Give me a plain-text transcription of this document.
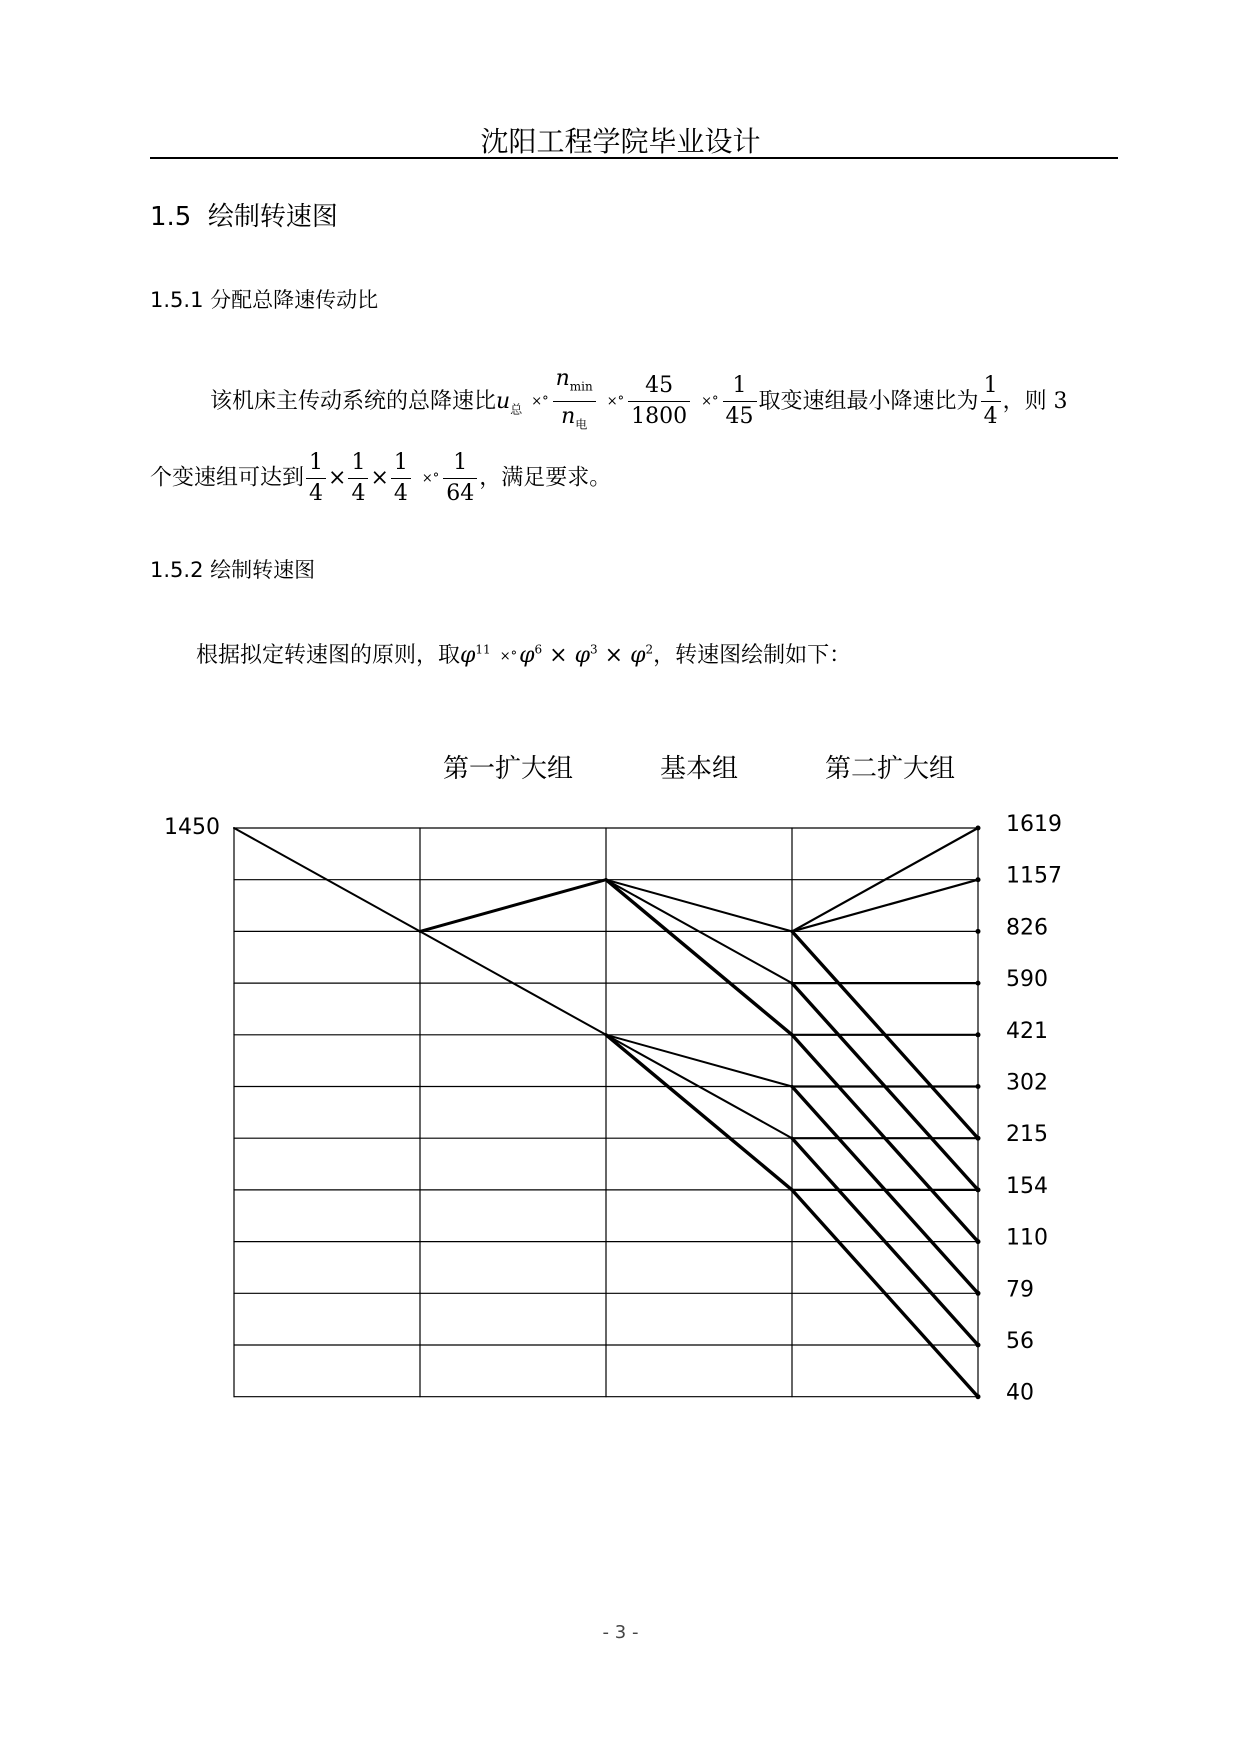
沈阳工程学院毕业设计
1.5 绘制转速图
1.5.1 分配总降速传动比
该机床主传动系统的总降速比$u_总$ ×° $\frac{n_{min}}{n_电}$ ×° $\frac{45}{1800}$ ×° $\frac{1}{45}$ 取变速组最小降速比为 $\frac{1}{4}$ ，则 3
个变速组可达到 $\frac{1}{4} \times \frac{1}{4} \times \frac{1}{4}$ ×° $\frac{1}{64}$ ，满足要求。
1.5.2 绘制转速图
根据拟定转速图的原则，取$\varphi^{11} \times^\circ\varphi^6 \times \varphi^3 \times \varphi^2$，转速图绘制如下：
第一扩大组	基本组	第二扩大组
1450	1619
1157
826
590
421
302
215
154
110
79
56
40
- 3 -
